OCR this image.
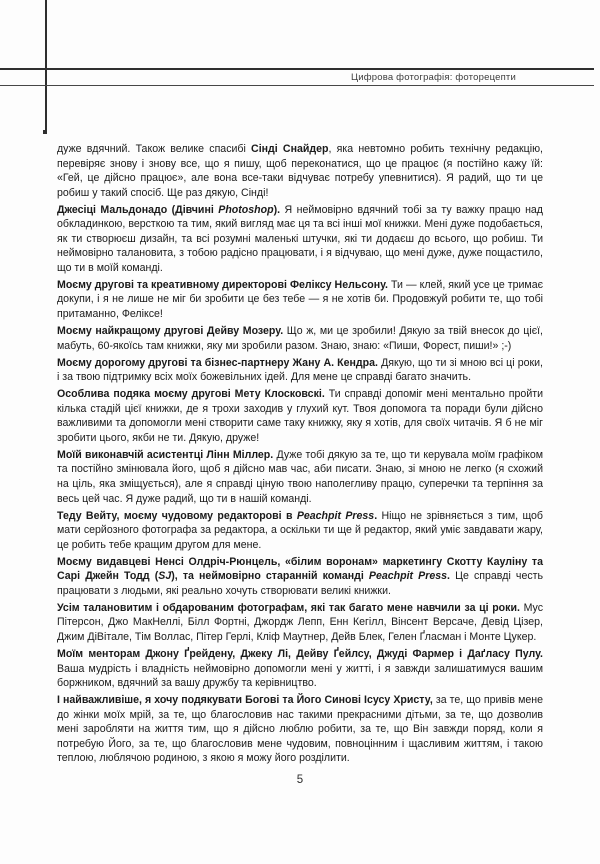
Цифрова фотографія: фоторецепти

дуже вдячний. Також велике спасибі Сінді Снайдер, яка невтомно робить технічну редакцію, перевіряє знову і знову все, що я пишу, щоб переконатися, що це працює (я постійно кажу їй: «Гей, це дійсно працює», але вона все-таки відчуває потребу упевнитися). Я радий, що ти це робиш у такий спосіб. Ще раз дякую, Сінді!

Джесіці Мальдонадо (Дівчині Photoshop). Я неймовірно вдячний тобі за ту важку працю над обкладинкою, версткою та тим, який вигляд має ця та всі інші мої книжки. Мені дуже подобається, як ти створюєш дизайн, та всі розумні маленькі штучки, які ти додаєш до всього, що робиш. Ти неймовірно талановита, з тобою радісно працювати, і я відчуваю, що мені дуже, дуже пощастило, що ти в моїй команді.

Моєму другові та креативному директорові Феліксу Нельсону. Ти — клей, який усе це тримає докупи, і я не лише не міг би зробити це без тебе — я не хотів би. Продовжуй робити те, що тобі притаманно, Феліксе!

Моєму найкращому другові Дейву Мозеру. Що ж, ми це зробили! Дякую за твій внесок до цієї, мабуть, 60-якоїсь там книжки, яку ми зробили разом. Знаю, знаю: «Пиши, Форест, пиши!» ;-)

Моєму дорогому другові та бізнес-партнеру Жану А. Кендра. Дякую, що ти зі мною всі ці роки, і за твою підтримку всіх моїх божевільних ідей. Для мене це справді багато значить.

Особлива подяка моєму другові Мету Клосковскі. Ти справді допоміг мені ментально пройти кілька стадій цієї книжки, де я трохи заходив у глухий кут. Твоя допомога та поради були дійсно важливими та допомогли мені створити саме таку книжку, яку я хотів, для своїх читачів. Я б не міг зробити цього, якби не ти. Дякую, друже!

Моїй виконавчій асистентці Лінн Міллер. Дуже тобі дякую за те, що ти керувала моїм графіком та постійно змінювала його, щоб я дійсно мав час, аби писати. Знаю, зі мною не легко (я схожий на ціль, яка зміщується), але я справді ціную твою наполегливу працю, суперечки та терпіння за весь цей час. Я дуже радий, що ти в нашій команді.

Теду Вейту, моєму чудовому редакторові в Peachpit Press. Ніщо не зрівняється з тим, щоб мати серйозного фотографа за редактора, а оскільки ти ще й редактор, який уміє завдавати жару, це робить тебе кращим другом для мене.

Моєму видавцеві Ненсі Олдріч-Рюнцель, «білим воронам» маркетингу Скотту Кауліну та Сарі Джейн Тодд (SJ), та неймовірно старанній команді Peachpit Press. Це справді честь працювати з людьми, які реально хочуть створювати великі книжки.

Усім талановитим і обдарованим фотографам, які так багато мене навчили за ці роки. Мус Пітерсон, Джо МакНеллі, Білл Фортні, Джордж Лепп, Енн Кегілл, Вінсент Версаче, Девід Цізер, Джим ДіВітале, Тім Воллас, Пітер Герлі, Кліф Маутнер, Дейв Блек, Гелен Ґласман і Монте Цукер.

Моїм менторам Джону Ґрейдену, Джеку Лі, Дейву Ґейлсу, Джуді Фармер і Даґласу Пулу. Ваша мудрість і владність неймовірно допомогли мені у житті, і я завжди залишатимуся вашим боржником, вдячний за вашу дружбу та керівництво.

І найважливіше, я хочу подякувати Богові та Його Синові Ісусу Христу, за те, що привів мене до жінки моїх мрій, за те, що благословив нас такими прекрасними дітьми, за те, що дозволив мені заробляти на життя тим, що я дійсно люблю робити, за те, що Він завжди поряд, коли я потребую Його, за те, що благословив мене чудовим, повноцінним і щасливим життям, і такою теплою, люблячою родиною, з якою я можу його розділити.

5
